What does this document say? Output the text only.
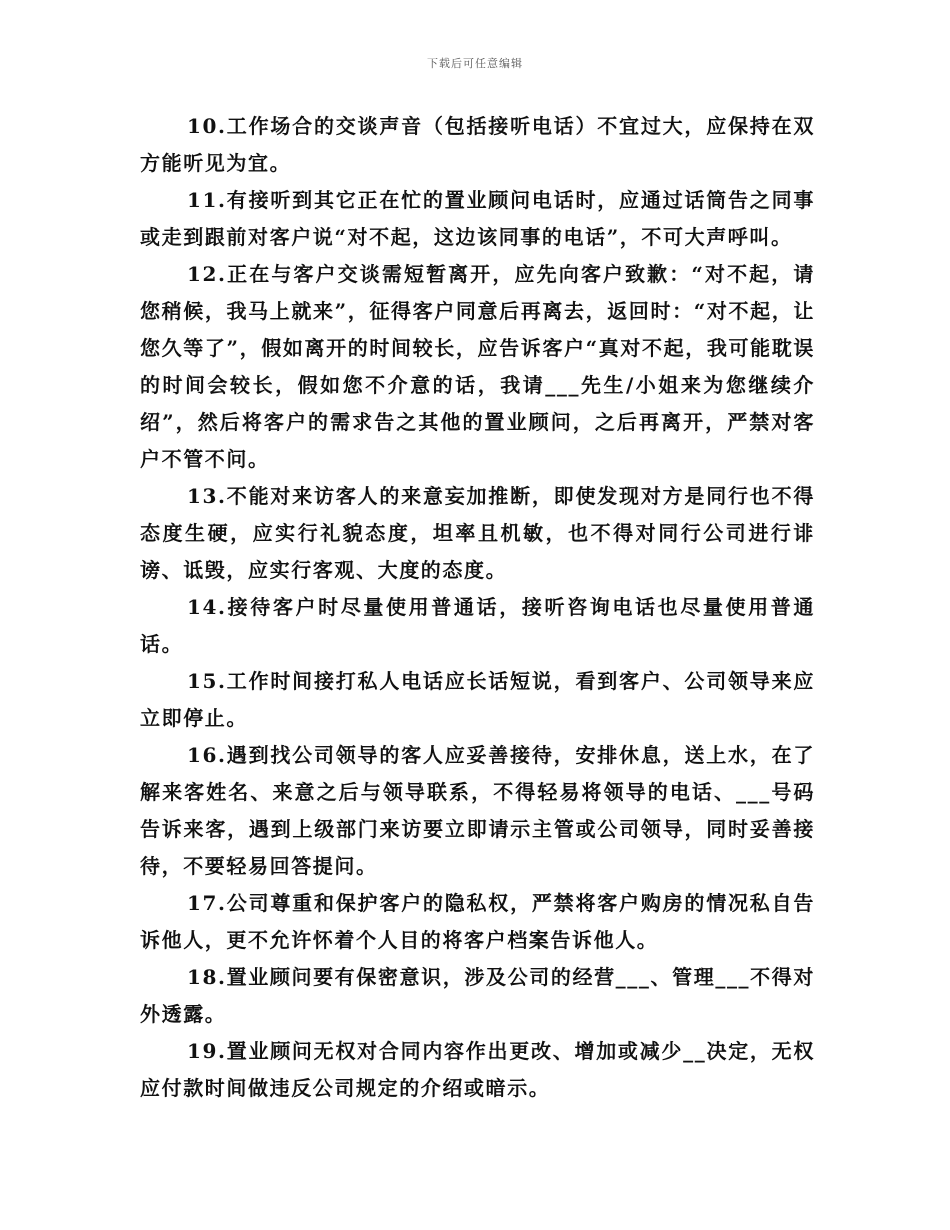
下载后可任意编辑

10.工作场合的交谈声音（包括接听电话）不宜过大，应保持在双方能听见为宜。

11.有接听到其它正在忙的置业顾问电话时，应通过话筒告之同事或走到跟前对客户说“对不起，这边该同事的电话”，不可大声呼叫。

12.正在与客户交谈需短暂离开，应先向客户致歉：“对不起，请您稍候，我马上就来”，征得客户同意后再离去，返回时：“对不起，让您久等了”，假如离开的时间较长，应告诉客户“真对不起，我可能耽误的时间会较长，假如您不介意的话，我请___先生/小姐来为您继续介绍”，然后将客户的需求告之其他的置业顾问，之后再离开，严禁对客户不管不问。

13.不能对来访客人的来意妄加推断，即使发现对方是同行也不得态度生硬，应实行礼貌态度，坦率且机敏，也不得对同行公司进行诽谤、诋毁，应实行客观、大度的态度。

14.接待客户时尽量使用普通话，接听咨询电话也尽量使用普通话。

15.工作时间接打私人电话应长话短说，看到客户、公司领导来应立即停止。

16.遇到找公司领导的客人应妥善接待，安排休息，送上水，在了解来客姓名、来意之后与领导联系，不得轻易将领导的电话、___号码告诉来客，遇到上级部门来访要立即请示主管或公司领导，同时妥善接待，不要轻易回答提问。

17.公司尊重和保护客户的隐私权，严禁将客户购房的情况私自告诉他人，更不允许怀着个人目的将客户档案告诉他人。

18.置业顾问要有保密意识，涉及公司的经营___、管理___不得对外透露。

19.置业顾问无权对合同内容作出更改、增加或减少__决定，无权应付款时间做违反公司规定的介绍或暗示。
